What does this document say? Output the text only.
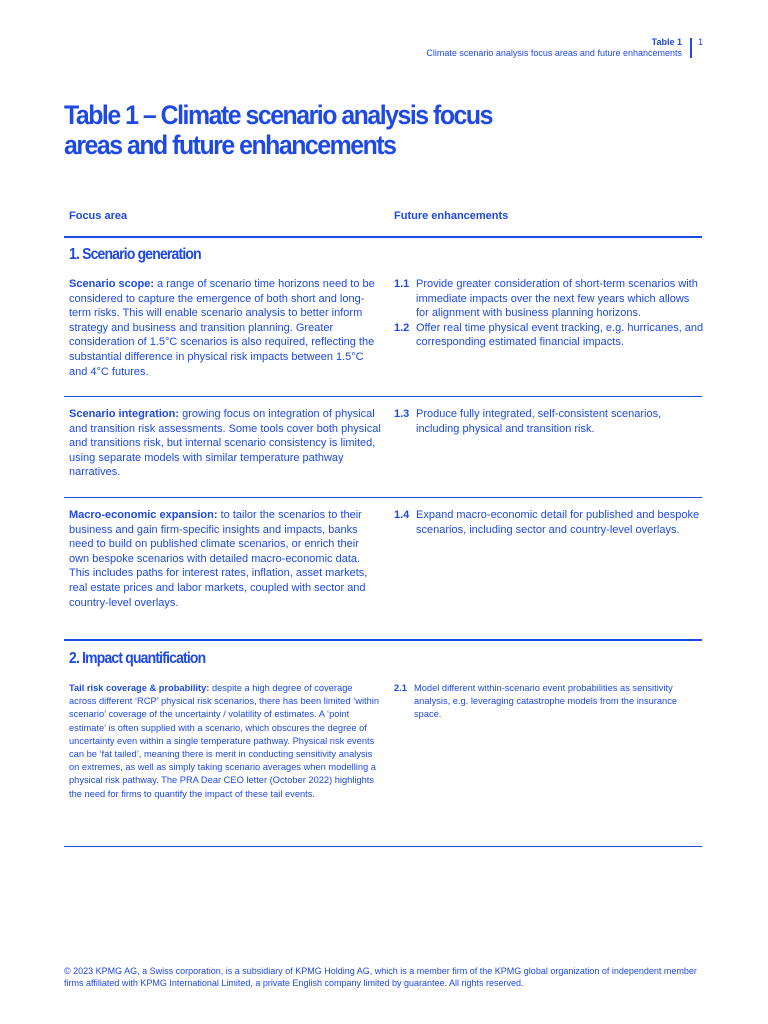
Table 1
Climate scenario analysis focus areas and future enhancements
1
Table 1 – Climate scenario analysis focus
areas and future enhancements
Focus area	Future enhancements
1. Scenario generation
Scenario scope: a range of scenario time horizons need to be considered to capture the emergence of both short and long-term risks. This will enable scenario analysis to better inform strategy and business and transition planning. Greater consideration of 1.5°C scenarios is also required, reflecting the substantial difference in physical risk impacts between 1.5°C and 4°C futures.
1.1 Provide greater consideration of short-term scenarios with immediate impacts over the next few years which allows for alignment with business planning horizons.
1.2 Offer real time physical event tracking, e.g. hurricanes, and corresponding estimated financial impacts.
Scenario integration: growing focus on integration of physical and transition risk assessments. Some tools cover both physical and transitions risk, but internal scenario consistency is limited, using separate models with similar temperature pathway narratives.
1.3 Produce fully integrated, self-consistent scenarios, including physical and transition risk.
Macro-economic expansion: to tailor the scenarios to their business and gain firm-specific insights and impacts, banks need to build on published climate scenarios, or enrich their own bespoke scenarios with detailed macro-economic data. This includes paths for interest rates, inflation, asset markets, real estate prices and labor markets, coupled with sector and country-level overlays.
1.4 Expand macro-economic detail for published and bespoke scenarios, including sector and country-level overlays.
2. Impact quantification
Tail risk coverage & probability: despite a high degree of coverage across different ‘RCP’ physical risk scenarios, there has been limited ‘within scenario’ coverage of the uncertainty / volatility of estimates. A ‘point estimate’ is often supplied with a scenario, which obscures the degree of uncertainty even within a single temperature pathway. Physical risk events can be ‘fat tailed’, meaning there is merit in conducting sensitivity analysis on extremes, as well as simply taking scenario averages when modelling a physical risk pathway. The PRA Dear CEO letter (October 2022) highlights the need for firms to quantify the impact of these tail events.
2.1 Model different within-scenario event probabilities as sensitivity analysis, e.g. leveraging catastrophe models from the insurance space.
© 2023 KPMG AG, a Swiss corporation, is a subsidiary of KPMG Holding AG, which is a member firm of the KPMG global organization of independent member firms affiliated with KPMG International Limited, a private English company limited by guarantee. All rights reserved.
